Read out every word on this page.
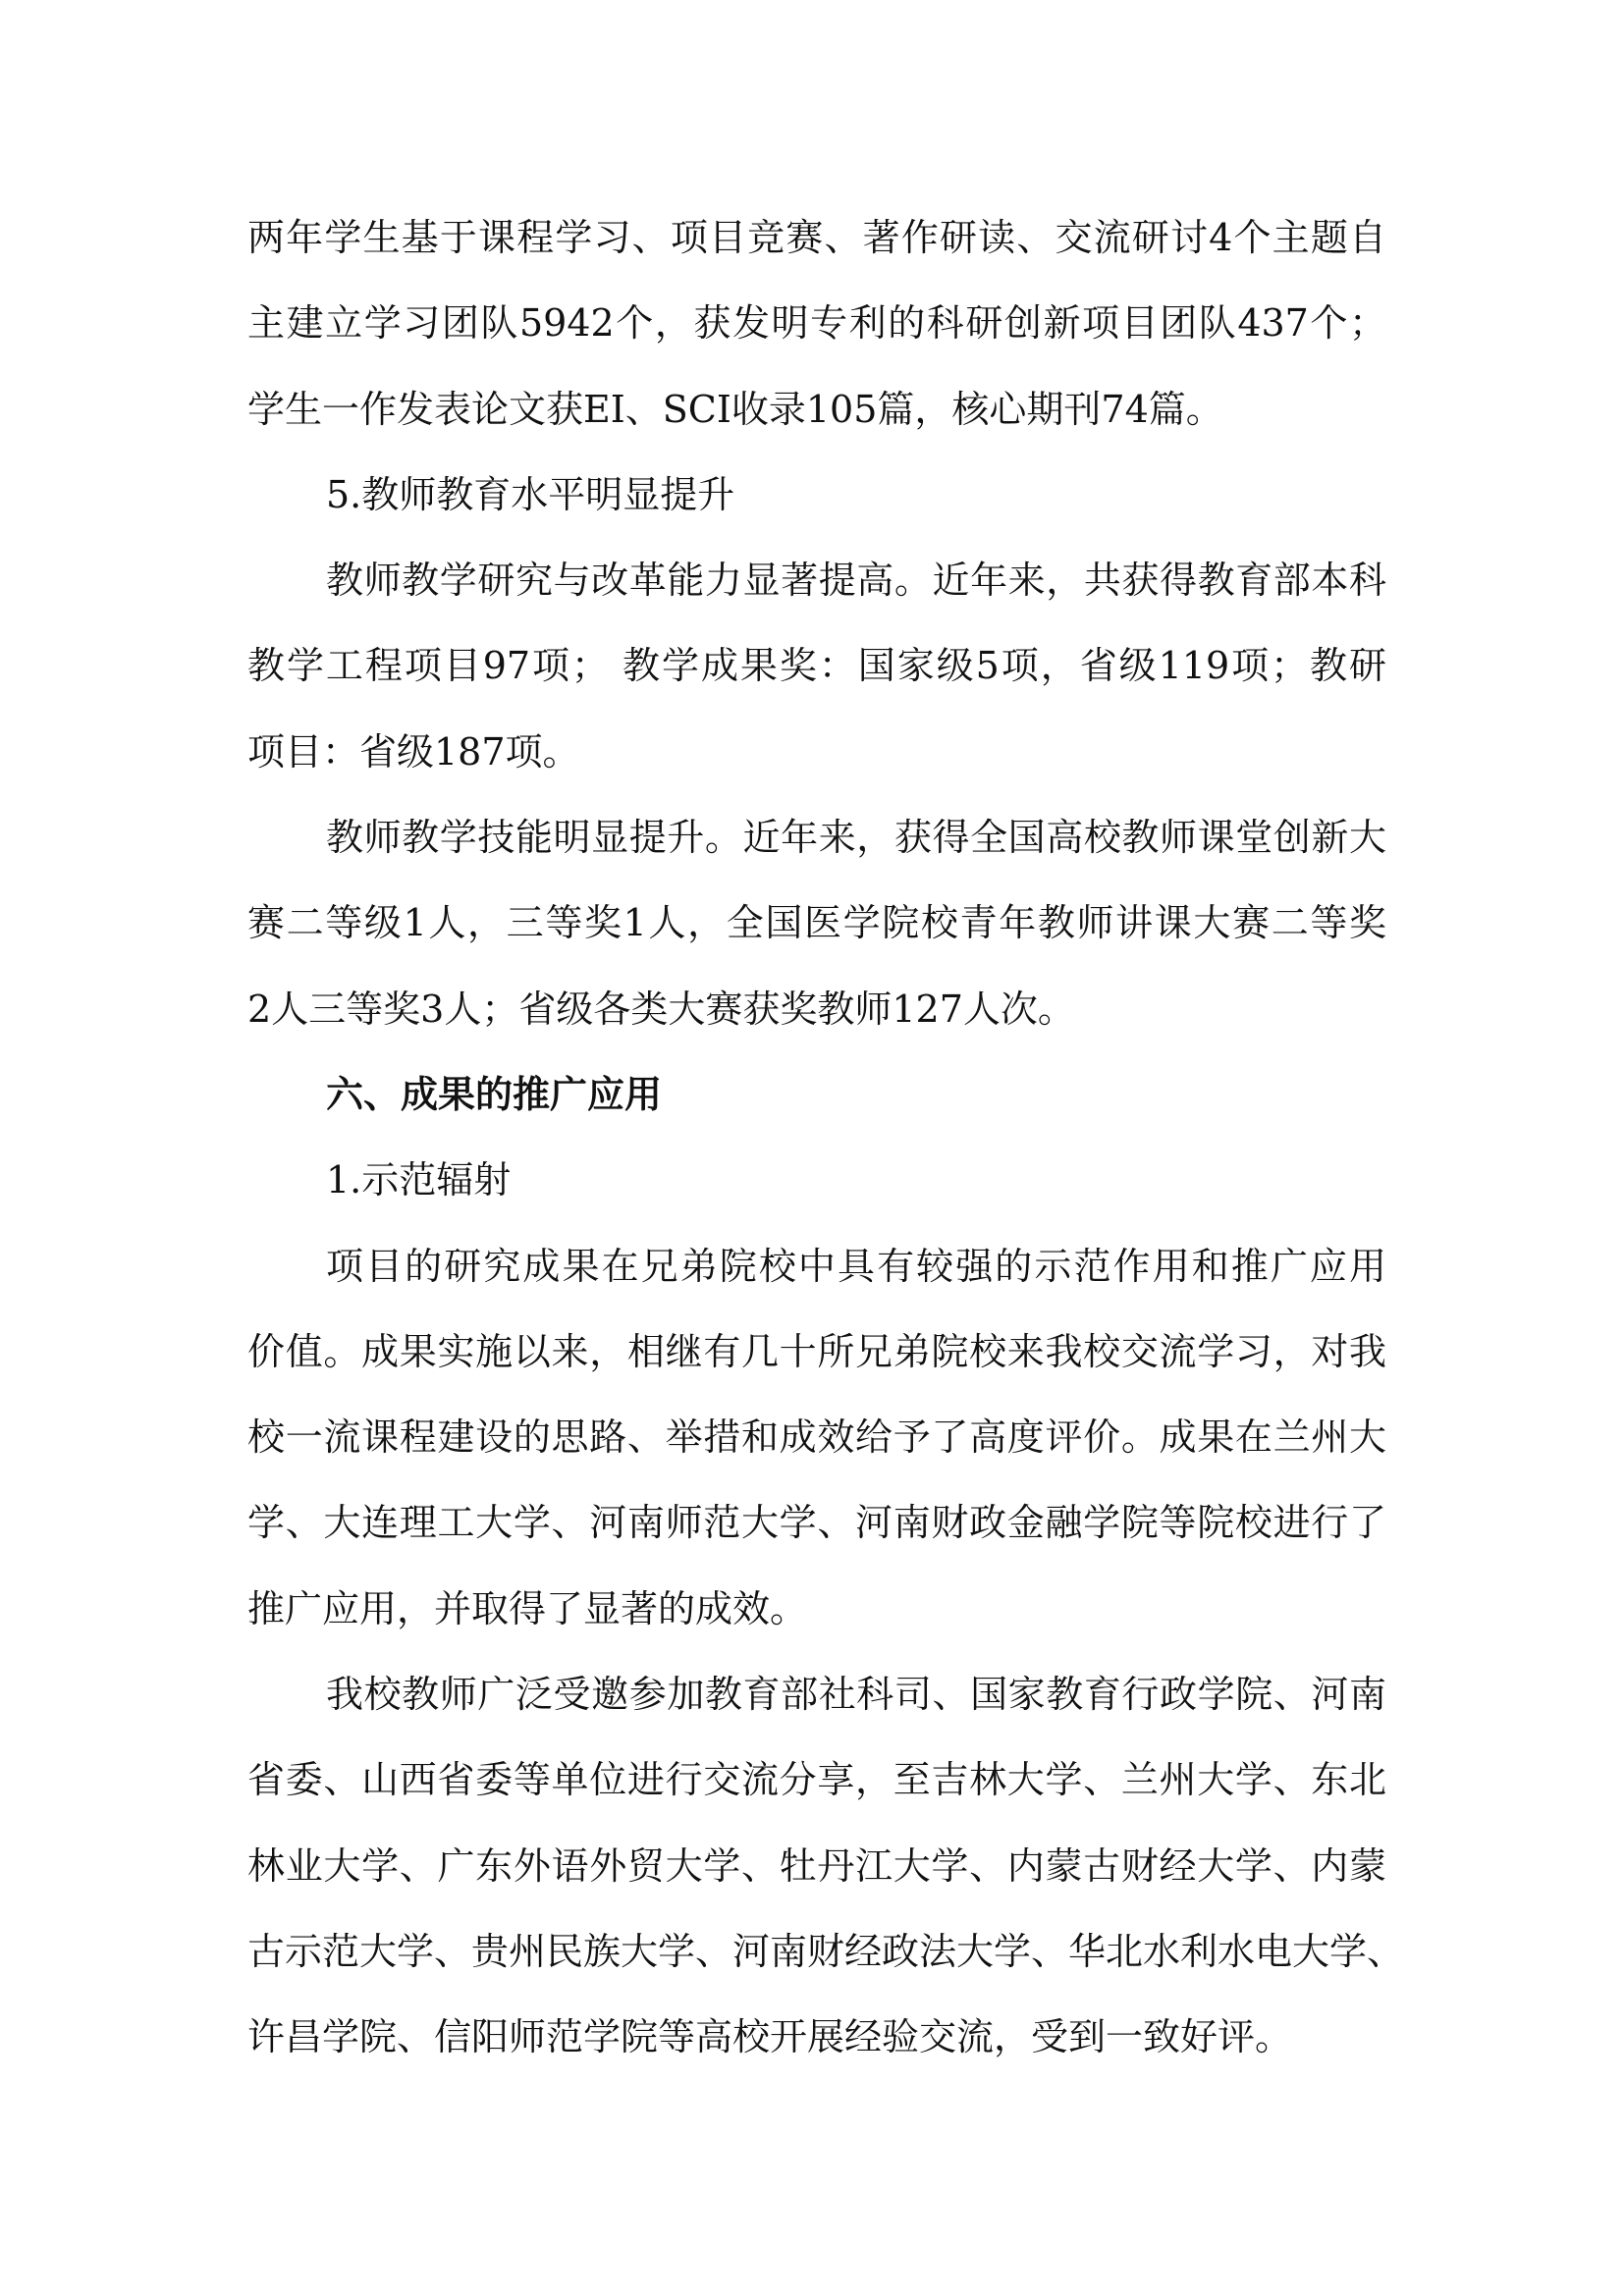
两年学生基于课程学习、项目竞赛、著作研读、交流研讨4个主题自
主建立学习团队5942个，获发明专利的科研创新项目团队437个；
学生一作发表论文获EI、SCI收录105篇，核心期刊74篇。
5.教师教育水平明显提升
教师教学研究与改革能力显著提高。近年来，共获得教育部本科
教学工程项目97项； 教学成果奖：国家级5项，省级119项；教研
项目：省级187项。
教师教学技能明显提升。近年来，获得全国高校教师课堂创新大
赛二等级1人，三等奖1人，全国医学院校青年教师讲课大赛二等奖
2人三等奖3人；省级各类大赛获奖教师127人次。
六、成果的推广应用
1.示范辐射
项目的研究成果在兄弟院校中具有较强的示范作用和推广应用
价值。成果实施以来，相继有几十所兄弟院校来我校交流学习，对我
校一流课程建设的思路、举措和成效给予了高度评价。成果在兰州大
学、大连理工大学、河南师范大学、河南财政金融学院等院校进行了
推广应用，并取得了显著的成效。
我校教师广泛受邀参加教育部社科司、国家教育行政学院、河南
省委、山西省委等单位进行交流分享，至吉林大学、兰州大学、东北
林业大学、广东外语外贸大学、牡丹江大学、内蒙古财经大学、内蒙
古示范大学、贵州民族大学、河南财经政法大学、华北水利水电大学、
许昌学院、信阳师范学院等高校开展经验交流，受到一致好评。
